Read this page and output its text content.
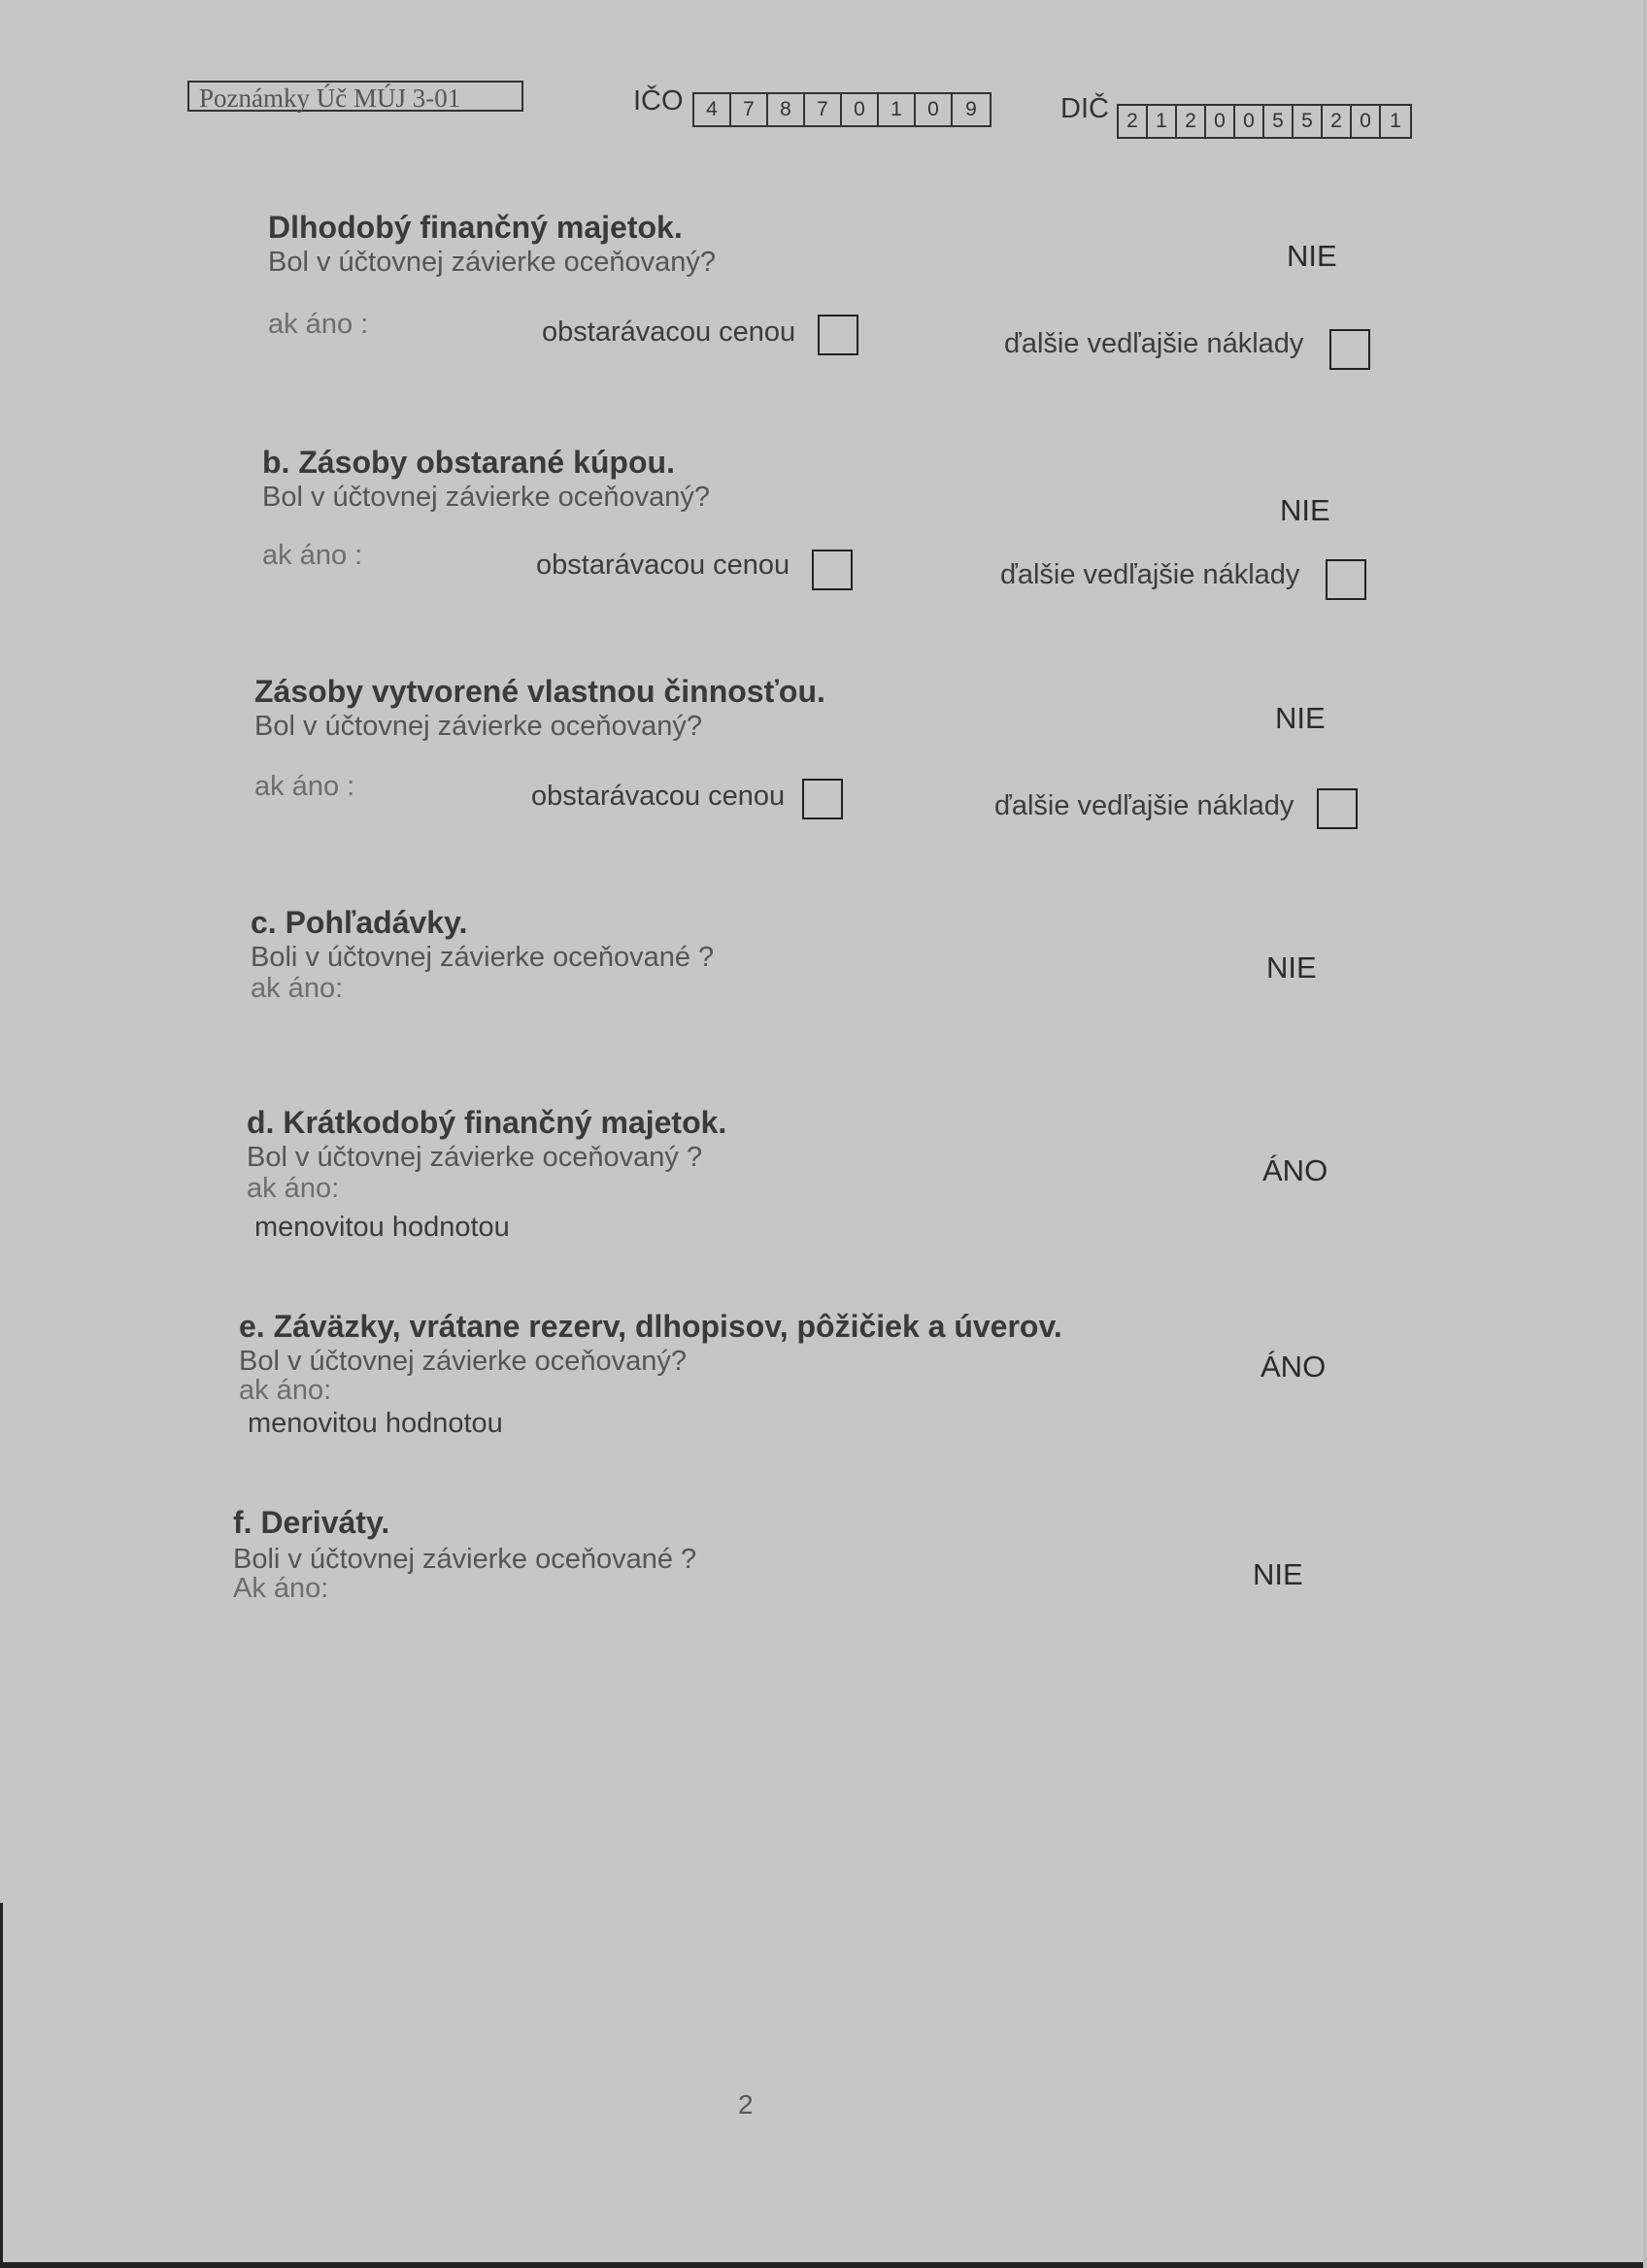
Poznámky Úč MÚJ 3-01	IČO	4	7	8	7	0	1	0	9	DIČ 2 1 2 0 0 5 5 2 0 1
Dlhodobý finančný majetok.
Bol v účtovnej závierke oceňovaný?	NIE
ak áno :	obstarávacou cenou	ďalšie vedľajšie náklady
b. Zásoby obstarané kúpou.
Bol v účtovnej závierke oceňovaný?	NIE
ak áno :	obstarávacou cenou	ďalšie vedľajšie náklady
Zásoby vytvorené vlastnou činnosťou.
Bol v účtovnej závierke oceňovaný?	NIE
ak áno :	obstarávacou cenou	ďalšie vedľajšie náklady
c. Pohľadávky.
Boli v účtovnej závierke oceňované ?	NIE
ak áno:
d. Krátkodobý finančný majetok.
Bol v účtovnej závierke oceňovaný ?	ÁNO
ak áno:
menovitou hodnotou
e. Záväzky, vrátane rezerv, dlhopisov, pôžičiek a úverov.
Bol v účtovnej závierke oceňovaný?	ÁNO
ak áno:
menovitou hodnotou
f. Deriváty.
Boli v účtovnej závierke oceňované ?	NIE
Ak áno:
2
